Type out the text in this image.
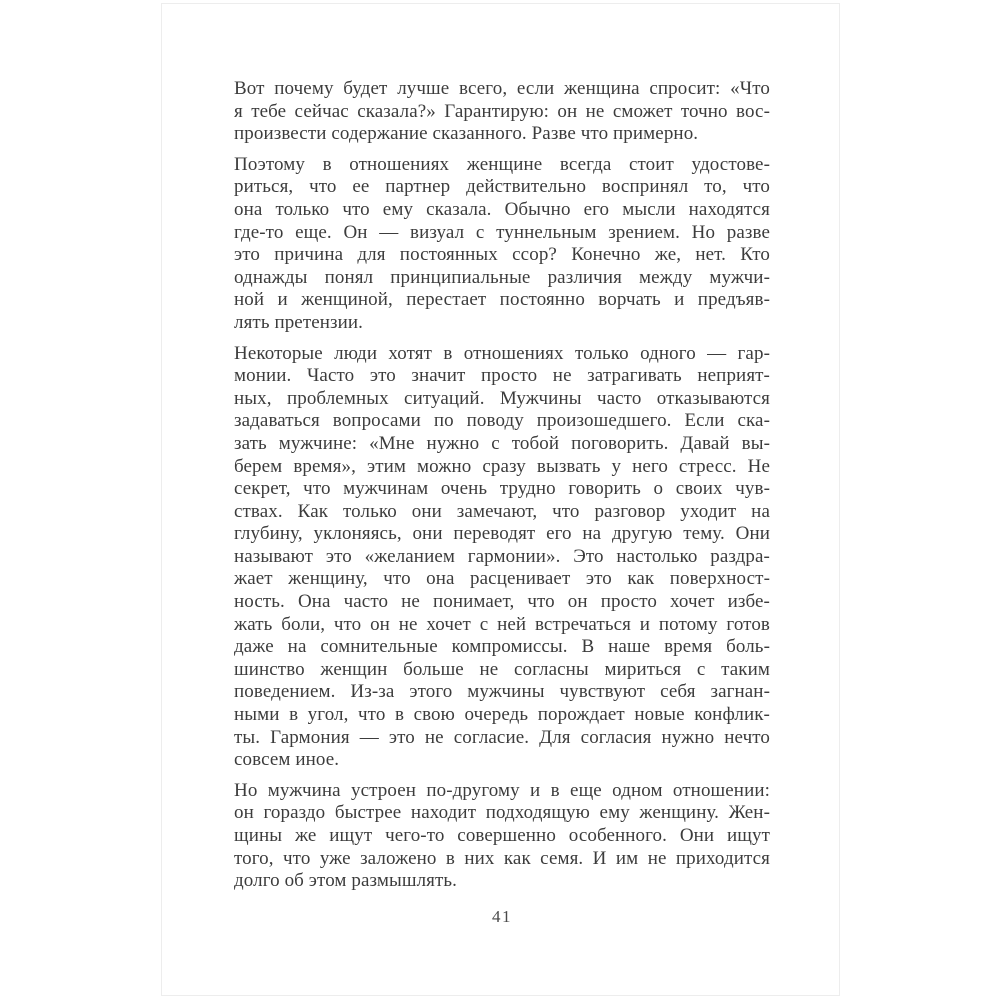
Вот почему будет лучше всего, если женщина спросит: «Что
я тебе сейчас сказала?» Гарантирую: он не сможет точно вос-
произвести содержание сказанного. Разве что примерно.

Поэтому в отношениях женщине всегда стоит удостове-
риться, что ее партнер действительно воспринял то, что
она только что ему сказала. Обычно его мысли находятся
где-то еще. Он — визуал с туннельным зрением. Но разве
это причина для постоянных ссор? Конечно же, нет. Кто
однажды понял принципиальные различия между мужчи-
ной и женщиной, перестает постоянно ворчать и предъяв-
лять претензии.

Некоторые люди хотят в отношениях только одного — гар-
монии. Часто это значит просто не затрагивать неприят-
ных, проблемных ситуаций. Мужчины часто отказываются
задаваться вопросами по поводу произошедшего. Если ска-
зать мужчине: «Мне нужно с тобой поговорить. Давай вы-
берем время», этим можно сразу вызвать у него стресс. Не
секрет, что мужчинам очень трудно говорить о своих чув-
ствах. Как только они замечают, что разговор уходит на
глубину, уклоняясь, они переводят его на другую тему. Они
называют это «желанием гармонии». Это настолько раздра-
жает женщину, что она расценивает это как поверхност-
ность. Она часто не понимает, что он просто хочет избе-
жать боли, что он не хочет с ней встречаться и потому готов
даже на сомнительные компромиссы. В наше время боль-
шинство женщин больше не согласны мириться с таким
поведением. Из-за этого мужчины чувствуют себя загнан-
ными в угол, что в свою очередь порождает новые конфлик-
ты. Гармония — это не согласие. Для согласия нужно нечто
совсем иное.

Но мужчина устроен по-другому и в еще одном отношении:
он гораздо быстрее находит подходящую ему женщину. Жен-
щины же ищут чего-то совершенно особенного. Они ищут
того, что уже заложено в них как семя. И им не приходится
долго об этом размышлять.

41
